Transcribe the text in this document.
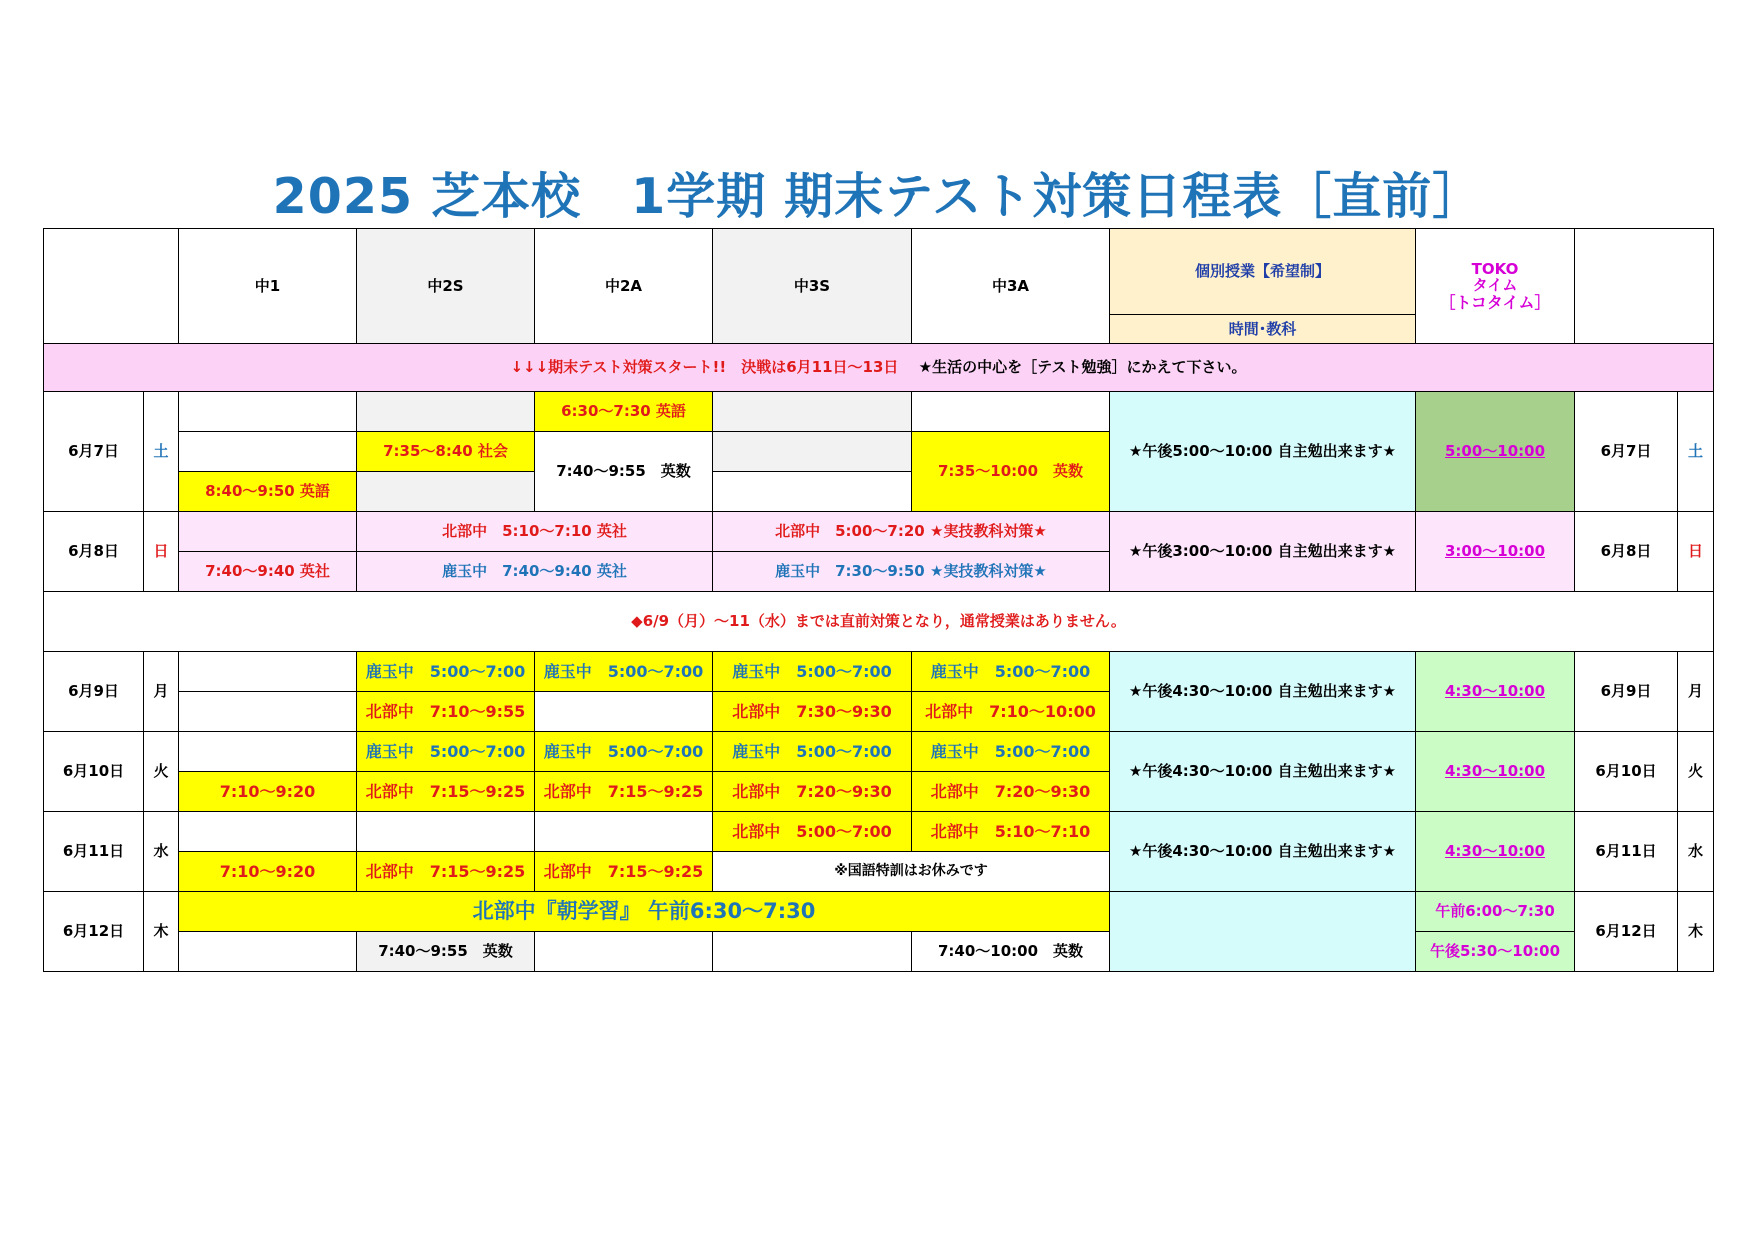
2025 芝本校　1学期 期末テスト対策日程表［直前］
		中1	中2S	中2A	中3S	中3A	個別授業【希望制】	TOKO
タイム
［トコタイム］		

							時間･教科			
↓↓↓期末テスト対策スタート!!　決戦は6月11日～13日　 ★生活の中心を［テスト勉強］にかえて下さい。										
6月7日	土			6:30～7:30 英語			★午後5:00～10:00 自主勉出来ます★	5:00～10:00	6月7日	土
			7:35～8:40 社会	7:40～9:55　英数		7:35～10:00　英数				
		8:40～9:50 英語								
6月8日	日		北部中　5:10～7:10 英社		北部中　5:00～7:20 ★実技教科対策★		★午後3:00～10:00 自主勉出来ます★	3:00～10:00	6月8日	日
		7:40～9:40 英社	鹿玉中　7:40～9:40 英社		鹿玉中　7:30～9:50 ★実技教科対策★					
◆6/9（月）～11（水）までは直前対策となり，通常授業はありません。										
6月9日	月		鹿玉中　5:00～7:00	鹿玉中　5:00～7:00	鹿玉中　5:00～7:00	鹿玉中　5:00～7:00	★午後4:30～10:00 自主勉出来ます★	4:30～10:00	6月9日	月
			北部中　7:10～9:55		北部中　7:30～9:30	北部中　7:10～10:00				
6月10日	火		鹿玉中　5:00～7:00	鹿玉中　5:00～7:00	鹿玉中　5:00～7:00	鹿玉中　5:00～7:00	★午後4:30～10:00 自主勉出来ます★	4:30～10:00	6月10日	火
		7:10～9:20	北部中　7:15～9:25	北部中　7:15～9:25	北部中　7:20～9:30	北部中　7:20～9:30				
6月11日	水				北部中　5:00～7:00	北部中　5:10～7:10	★午後4:30～10:00 自主勉出来ます★	4:30～10:00	6月11日	水
		7:10～9:20	北部中　7:15～9:25	北部中　7:15～9:25	※国語特訓はお休みです					
6月12日	木	北部中『朝学習』 午前6:30～7:30						午前6:00～7:30	6月12日	木
			7:40～9:55　英数			7:40～10:00　英数		午後5:30～10:00		
